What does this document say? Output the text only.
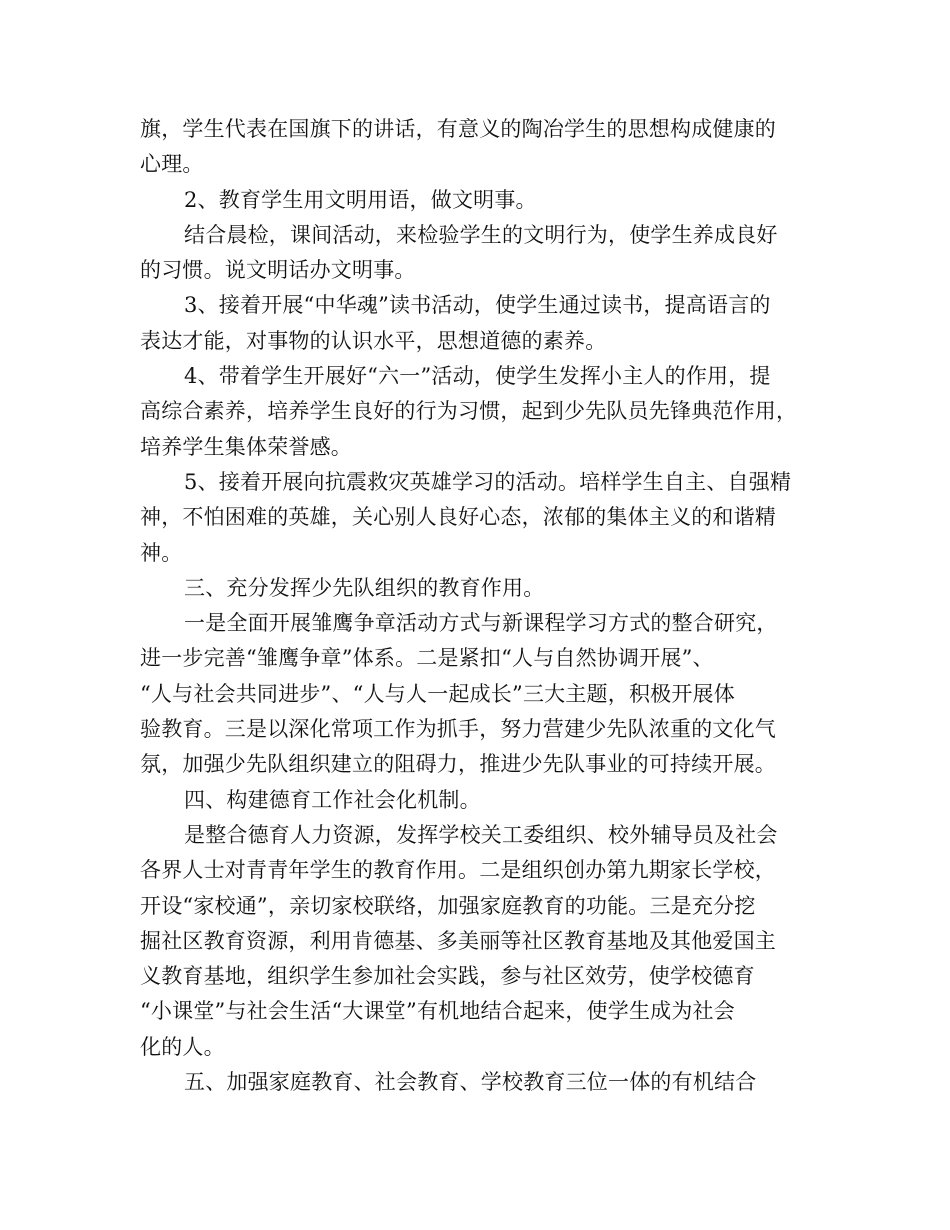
旗，学生代表在国旗下的讲话，有意义的陶冶学生的思想构成健康的
心理。
2、教育学生用文明用语，做文明事。
结合晨检，课间活动，来检验学生的文明行为，使学生养成良好
的习惯。说文明话办文明事。
3、接着开展“中华魂”读书活动，使学生通过读书，提高语言的
表达才能，对事物的认识水平，思想道德的素养。
4、带着学生开展好“六一”活动，使学生发挥小主人的作用，提
高综合素养，培养学生良好的行为习惯，起到少先队员先锋典范作用，
培养学生集体荣誉感。
5、接着开展向抗震救灾英雄学习的活动。培样学生自主、自强精
神，不怕困难的英雄，关心别人良好心态，浓郁的集体主义的和谐精
神。
三、充分发挥少先队组织的教育作用。
一是全面开展雏鹰争章活动方式与新课程学习方式的整合研究，
进一步完善“雏鹰争章”体系。二是紧扣“人与自然协调开展”、
“人与社会共同进步”、“人与人一起成长”三大主题，积极开展体
验教育。三是以深化常项工作为抓手，努力营建少先队浓重的文化气
氛，加强少先队组织建立的阻碍力，推进少先队事业的可持续开展。
四、构建德育工作社会化机制。
是整合德育人力资源，发挥学校关工委组织、校外辅导员及社会
各界人士对青青年学生的教育作用。二是组织创办第九期家长学校，
开设“家校通”，亲切家校联络，加强家庭教育的功能。三是充分挖
掘社区教育资源，利用肯德基、多美丽等社区教育基地及其他爱国主
义教育基地，组织学生参加社会实践，参与社区效劳，使学校德育
“小课堂”与社会生活“大课堂”有机地结合起来，使学生成为社会
化的人。
五、加强家庭教育、社会教育、学校教育三位一体的有机结合
